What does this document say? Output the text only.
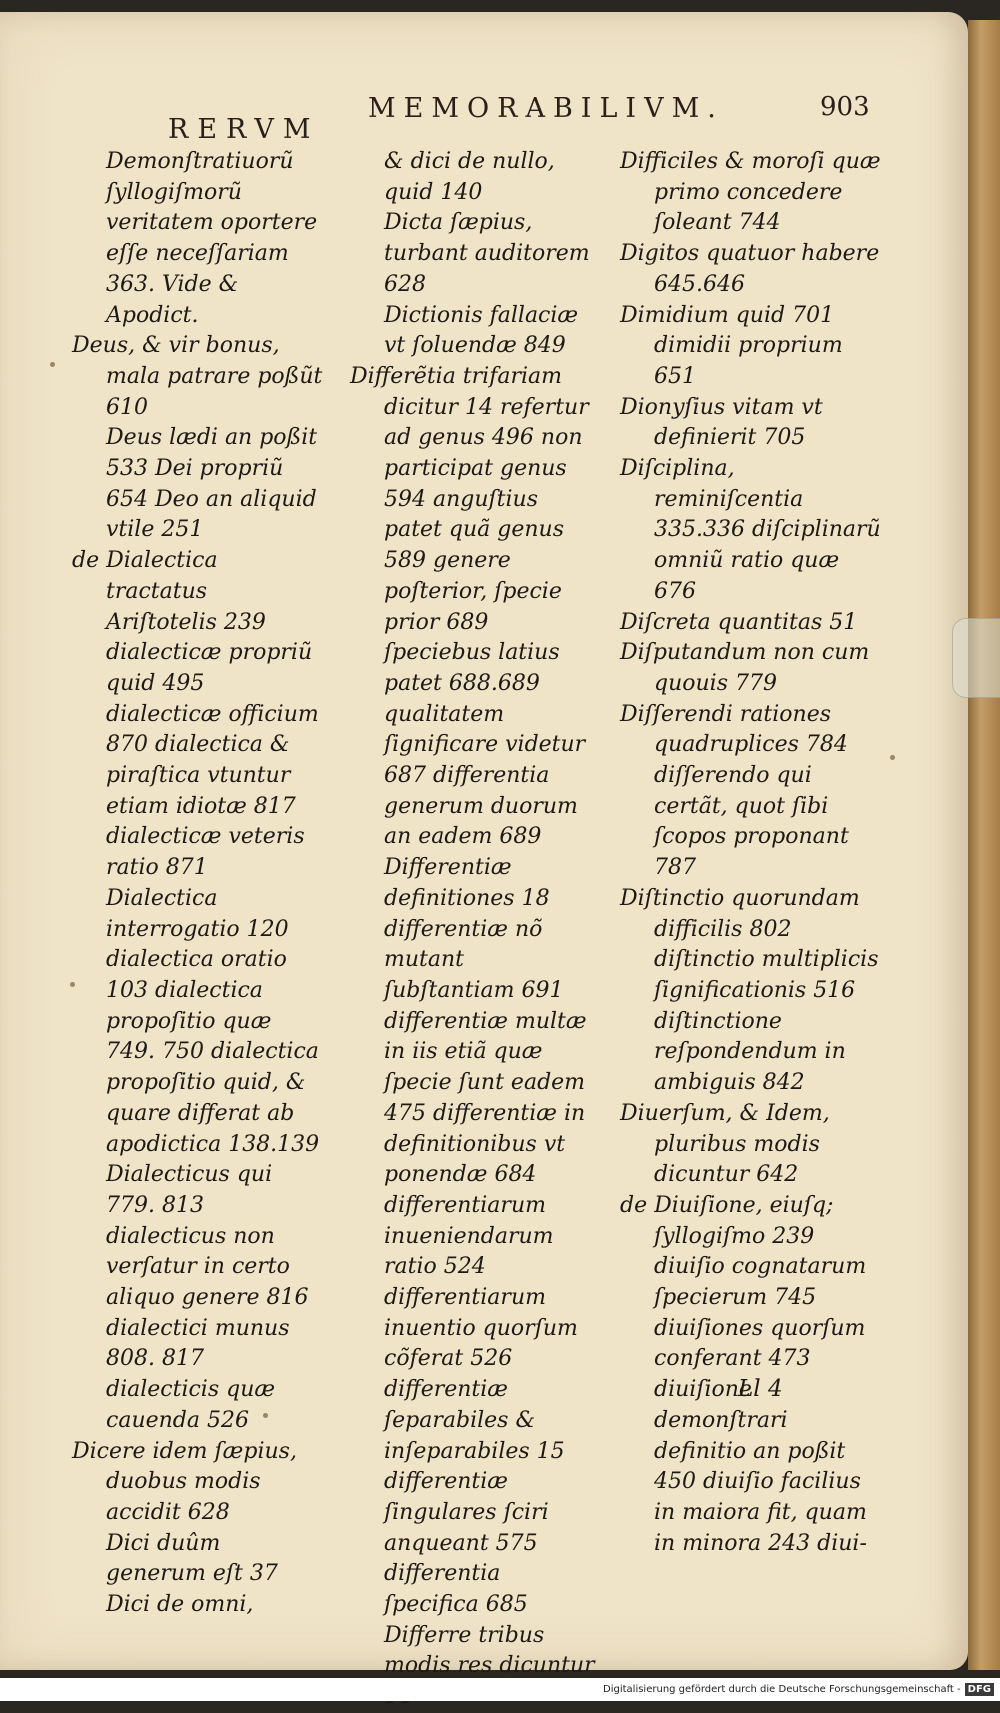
RERVM
MEMORABILIVM.	903

Demonſtratiuorũ ſyllogiſmorũ veritatem oportere eſſe neceſſariam 363. Vide & Apodict.

Deus, & vir bonus, mala patrare poßũt 610

Deus lædi an poßit 533 Dei propriũ 654 Deo an aliquid vtile 251

de Dialectica tractatus Ariſtotelis 239 dialecticæ propriũ quid 495 dialecticæ officium 870 dialectica & piraſtica vtuntur etiam idiotæ 817 dialecticæ veteris ratio 871

Dialectica interrogatio 120 dialectica oratio 103 dialectica propoſitio quæ 749. 750 dialectica propoſitio quid, & quare differat ab apodictica 138.139

Dialecticus qui 779. 813 dialecticus non verſatur in certo aliquo genere 816 dialectici munus 808. 817 dialecticis quæ cauenda 526

Dicere idem ſæpius, duobus modis accidit 628

Dici duûm generum eſt 37 Dici de omni,

& dici de nullo, quid 140

Dicta ſæpius, turbant auditorem 628

Dictionis fallaciæ vt ſoluendæ 849

Differẽtia trifariam dicitur 14 refertur ad genus 496 non participat genus 594 anguſtius patet quã genus 589 genere poſterior, ſpecie prior 689 ſpeciebus latius patet 688.689 qualitatem ſignificare videtur 687 differentia generum duorum an eadem 689

Differentiæ definitiones 18 differentiæ nõ mutant ſubſtantiam 691 differentiæ multæ in iis etiã quæ ſpecie ſunt eadem 475 differentiæ in definitionibus vt ponendæ 684 differentiarum inueniendarum ratio 524 differentiarum inuentio quorſum cõferat 526 differentiæ ſeparabiles & inſeparabiles 15 differentiæ ſingulares ſciri anqueant 575 differentia ſpecifica 685

Differre tribus modis res dicuntur

Difficiles & moroſi quæ primo concedere ſoleant 744

Digitos quatuor habere 645.646

Dimidium quid 701 dimidii proprium 651

Dionyſius vitam vt definierit 705

Diſciplina, reminiſcentia 335.336 diſciplinarũ omniũ ratio quæ 676

Diſcreta quantitas 51

Diſputandum non cum quouis 779

Diſſerendi rationes quadruplices 784 diſſerendo qui certãt, quot ſibi ſcopos proponant 787

Diſtinctio quorundam difficilis 802 diſtinctio multiplicis ſignificationis 516 diſtinctione reſpondendum in ambiguis 842

Diuerſum, & Idem, pluribus modis dicuntur 642

de Diuiſione, eiuſq; ſyllogiſmo 239 diuiſio cognatarum ſpecierum 745 diuiſiones quorſum conferant 473 diuiſione demonſtrari definitio an poßit 450 diuiſio facilius in maiora fit, quam in minora 243 diui-

Ll 4
Digitalisierung gefördert durch die Deutsche Forschungsgemeinschaft - DFG
